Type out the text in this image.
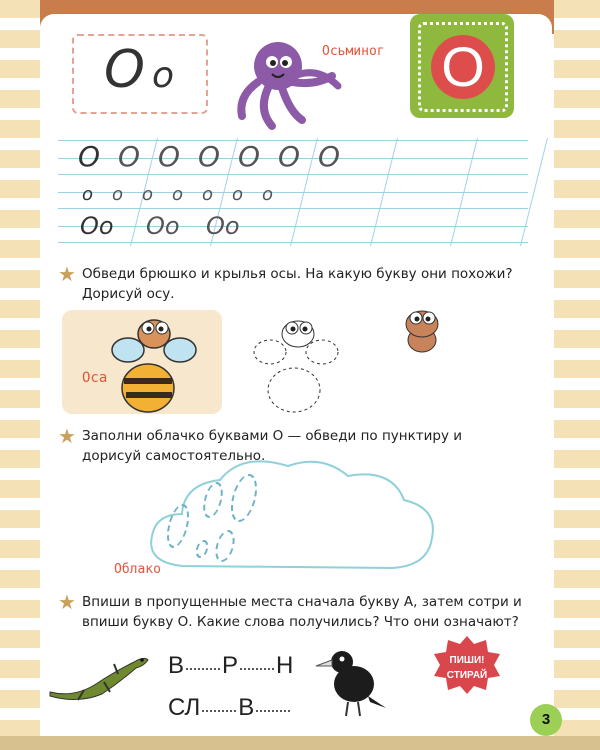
О о
Осьминог О
O O O O O O O
o o o o o o o
Oo Oo Oo
★ Обведи брюшко и крылья осы. На какую букву они похожи? Дорисуй осу.
Оса
★ Заполни облачко буквами О — обведи по пунктиру и дорисуй самостоятельно.
Облако
★ Впиши в пропущенные места сначала букву А, затем сотри и впиши букву О. Какие слова получились? Что они означают?
В Р Н
СЛ В
ПИШИ!
СТИРАЙ
3
